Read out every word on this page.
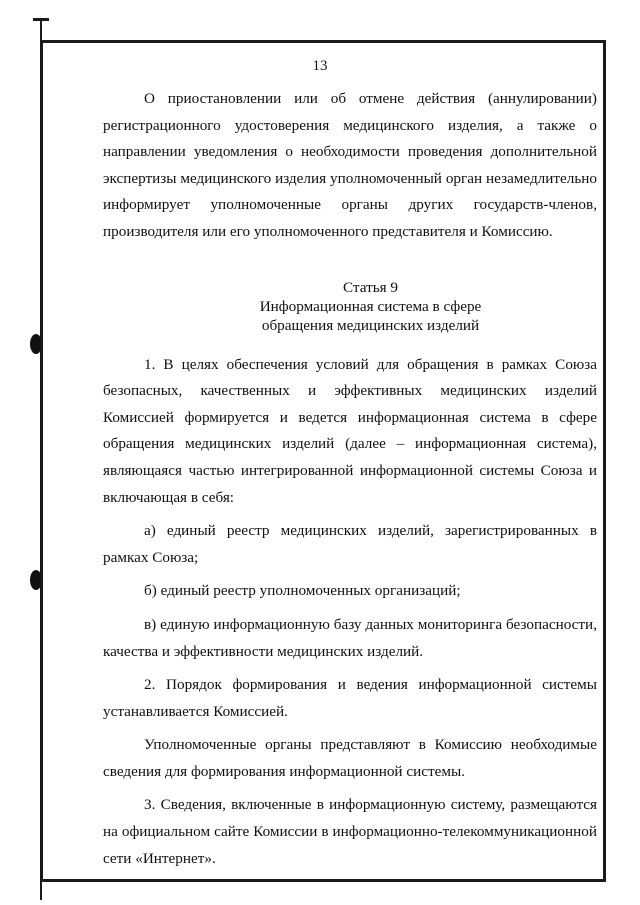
13

О приостановлении или об отмене действия (аннулировании) регистрационного удостоверения медицинского изделия, а также о направлении уведомления о необходимости проведения дополнительной экспертизы медицинского изделия уполномоченный орган незамедлительно информирует уполномоченные органы других государств-членов, производителя или его уполномоченного представителя и Комиссию.

Статья 9
Информационная система в сфере
обращения медицинских изделий

1. В целях обеспечения условий для обращения в рамках Союза безопасных, качественных и эффективных медицинских изделий Комиссией формируется и ведется информационная система в сфере обращения медицинских изделий (далее – информационная система), являющаяся частью интегрированной информационной системы Союза и включающая в себя:

а) единый реестр медицинских изделий, зарегистрированных в рамках Союза;

б) единый реестр уполномоченных организаций;

в) единую информационную базу данных мониторинга безопасности, качества и эффективности медицинских изделий.

2. Порядок формирования и ведения информационной системы устанавливается Комиссией.

Уполномоченные органы представляют в Комиссию необходимые сведения для формирования информационной системы.

3. Сведения, включенные в информационную систему, размещаются на официальном сайте Комиссии в информационно-телекоммуникационной сети «Интернет».
